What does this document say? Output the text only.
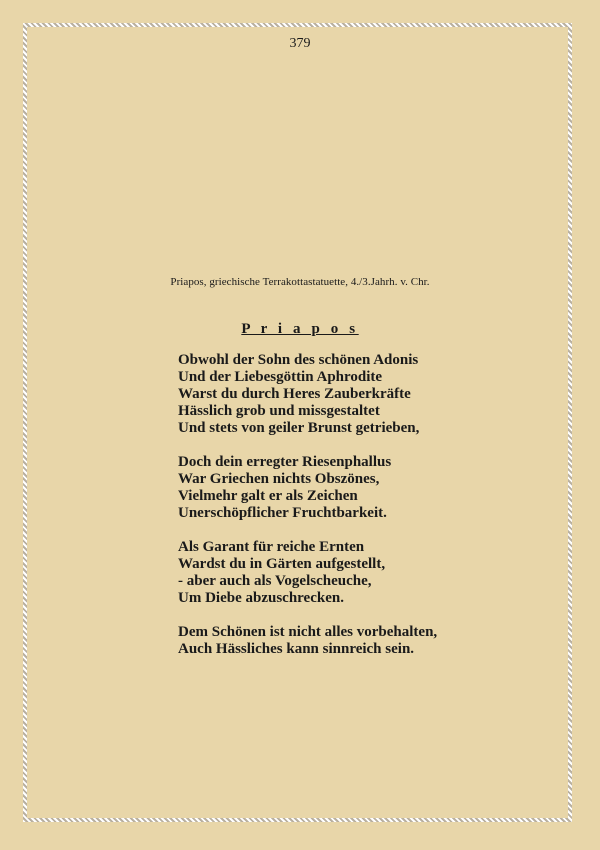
379
Priapos, griechische Terrakottastatuette, 4./3.Jahrh. v. Chr.
P r i a p o s
Obwohl der Sohn des schönen Adonis
Und der Liebesgöttin Aphrodite
Warst du durch Heres Zauberkräfte
Hässlich grob und missgestaltet
Und stets von geiler Brunst getrieben,
Doch dein erregter Riesenphallus
War Griechen nichts Obszönes,
Vielmehr galt er als Zeichen
Unerschöpflicher Fruchtbarkeit.
Als Garant für reiche Ernten
Wardst du in Gärten aufgestellt,
- aber auch als Vogelscheuche,
Um Diebe abzuschrecken.
Dem Schönen ist nicht alles vorbehalten,
Auch Hässliches kann sinnreich sein.
